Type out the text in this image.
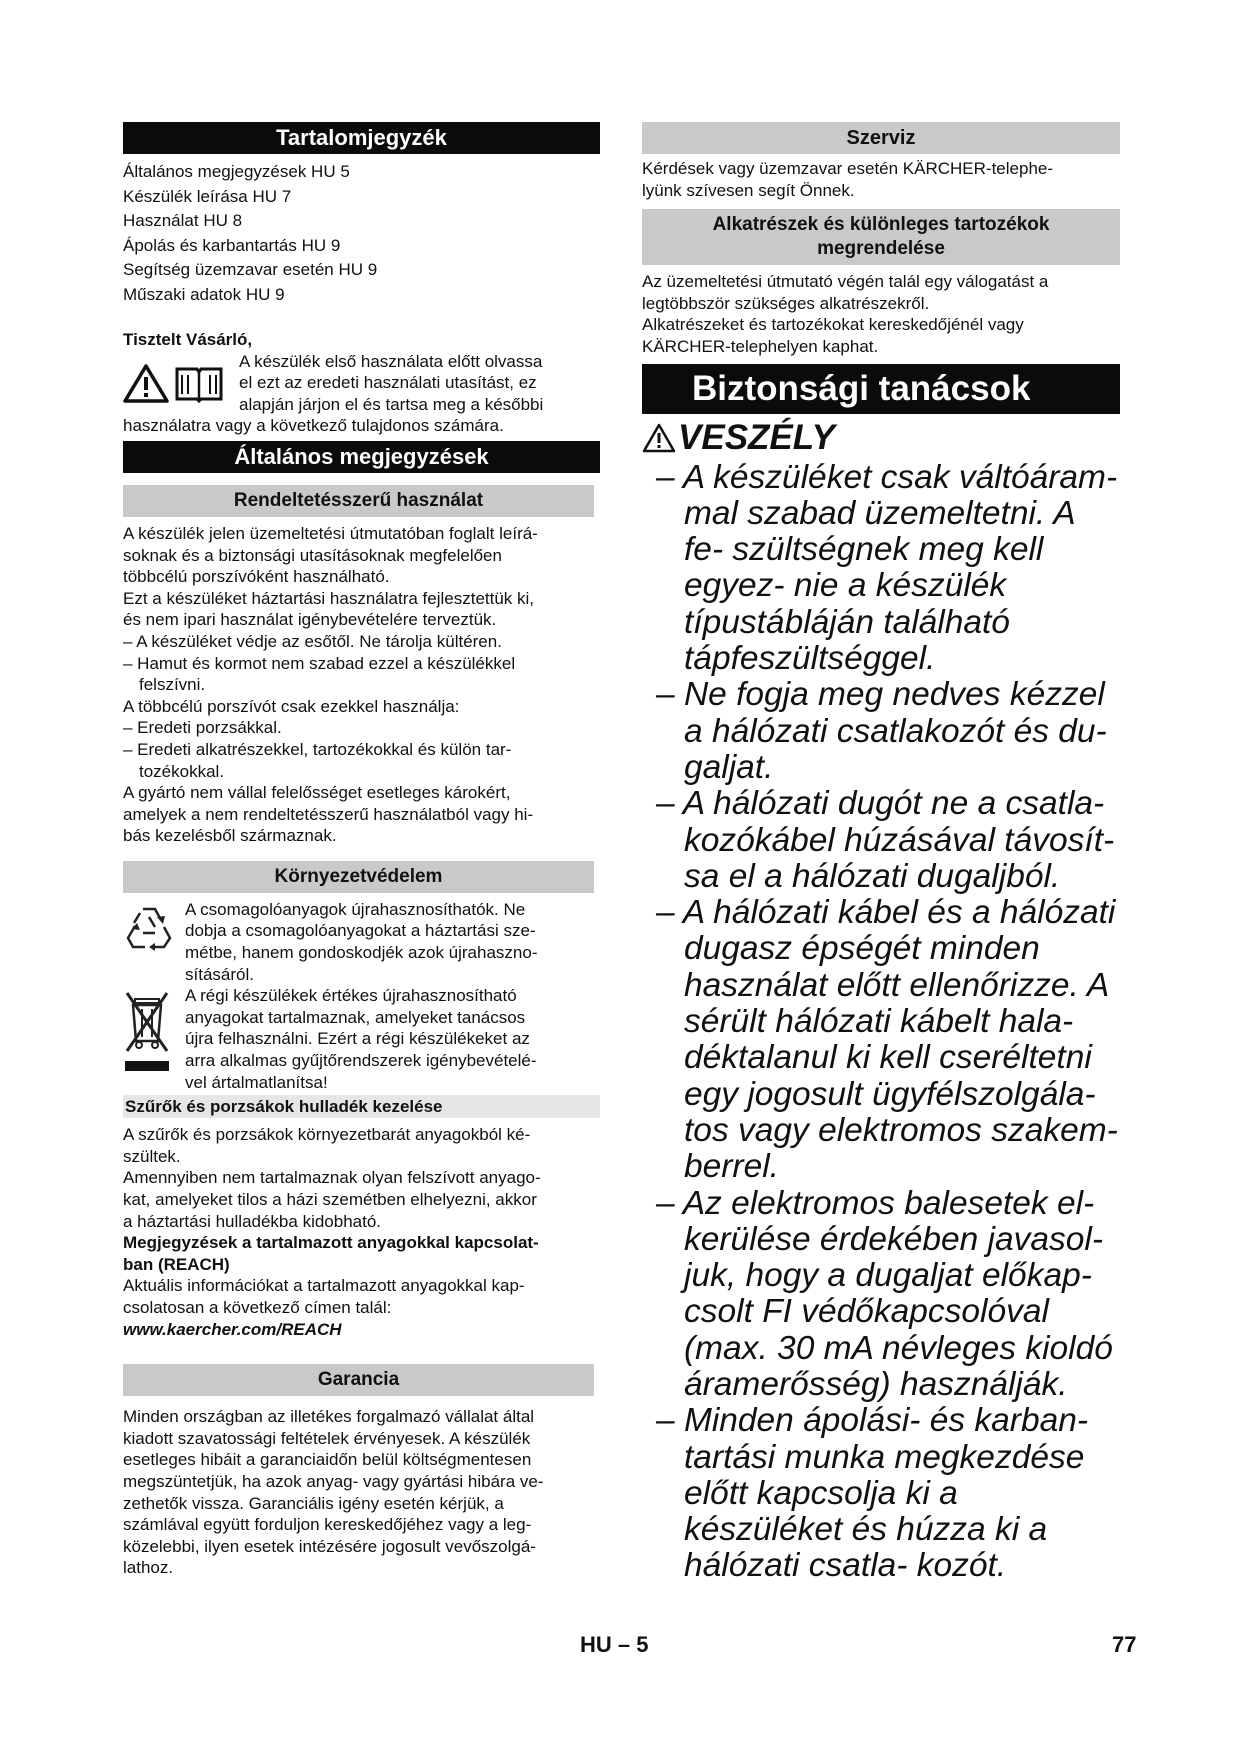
Tartalomjegyzék

Általános megjegyzések HU 5

Készülék leírása HU 7

Használat HU 8

Ápolás és karbantartás HU 9

Segítség üzemzavar esetén HU 9

Műszaki adatok HU 9

Tisztelt Vásárló,

A készülék első használata előtt olvassa

el ezt az eredeti használati utasítást, ez

alapján járjon el és tartsa meg a későbbi

használatra vagy a következő tulajdonos számára.

Általános megjegyzések
Rendeltetésszerű használat

A készülék jelen üzemeltetési útmutatóban foglalt leírá-

soknak és a biztonsági utasításoknak megfelelően

többcélú porszívóként használható.

Ezt a készüléket háztartási használatra fejlesztettük ki,

és nem ipari használat igénybevételére terveztük.

– A készüléket védje az esőtől. Ne tárolja kültéren.

– Hamut és kormot nem szabad ezzel a készülékkel felszívni.

A többcélú porszívót csak ezekkel használja:

– Eredeti porzsákkal.

– Eredeti alkatrészekkel, tartozékokkal és külön tar- tozékokkal.

A gyártó nem vállal felelősséget esetleges károkért,

amelyek a nem rendeltetésszerű használatból vagy hi-

bás kezelésből származnak.

Környezetvédelem

A csomagolóanyagok újrahasznosíthatók. Ne

dobja a csomagolóanyagokat a háztartási sze-

métbe, hanem gondoskodjék azok újrahaszno-

sításáról.

A régi készülékek értékes újrahasznosítható

anyagokat tartalmaznak, amelyeket tanácsos

újra felhasználni. Ezért a régi készülékeket az

arra alkalmas gyűjtőrendszerek igénybevételé-

vel ártalmatlanítsa!

Szűrők és porzsákok hulladék kezelése

A szűrők és porzsákok környezetbarát anyagokból ké-

szültek.

Amennyiben nem tartalmaznak olyan felszívott anyago-

kat, amelyeket tilos a házi szemétben elhelyezni, akkor

a háztartási hulladékba kidobható.

Megjegyzések a tartalmazott anyagokkal kapcsolat-

ban (REACH)

Aktuális információkat a tartalmazott anyagokkal kap-

csolatosan a következő címen talál:

www.kaercher.com/REACH

Garancia

Minden országban az illetékes forgalmazó vállalat által

kiadott szavatossági feltételek érvényesek. A készülék

esetleges hibáit a garanciaidőn belül költségmentesen

megszüntetjük, ha azok anyag- vagy gyártási hibára ve-

zethetők vissza. Garanciális igény esetén kérjük, a

számlával együtt forduljon kereskedőjéhez vagy a leg-

közelebbi, ilyen esetek intézésére jogosult vevőszolgá-

lathoz.

Szerviz

Kérdések vagy üzemzavar esetén KÄRCHER-telephe-

lyünk szívesen segít Önnek.

Alkatrészek és különleges tartozékok

megrendelése

Az üzemeltetési útmutató végén talál egy válogatást a

legtöbbször szükséges alkatrészekről.

Alkatrészeket és tartozékokat kereskedőjénél vagy

KÄRCHER-telephelyen kaphat.

Biztonsági tanácsok
VESZÉLY

– A készüléket csak váltóáram- mal szabad üzemeltetni. A fe- szültségnek meg kell egyez- nie a készülék típustábláján található tápfeszültséggel.

– Ne fogja meg nedves kézzel a hálózati csatlakozót és du- galjat.

– A hálózati dugót ne a csatla- kozókábel húzásával távosít- sa el a hálózati dugaljból.

– A hálózati kábel és a hálózati dugasz épségét minden használat előtt ellenőrizze. A sérült hálózati kábelt hala- déktalanul ki kell cseréltetni egy jogosult ügyfélszolgála- tos vagy elektromos szakem- berrel.

– Az elektromos balesetek el- kerülése érdekében javasol- juk, hogy a dugaljat előkap- csolt FI védőkapcsolóval (max. 30 mA névleges kioldó áramerősség) használják.

– Minden ápolási- és karban- tartási munka megkezdése előtt kapcsolja ki a készüléket és húzza ki a hálózati csatla- kozót.

HU – 5	77
